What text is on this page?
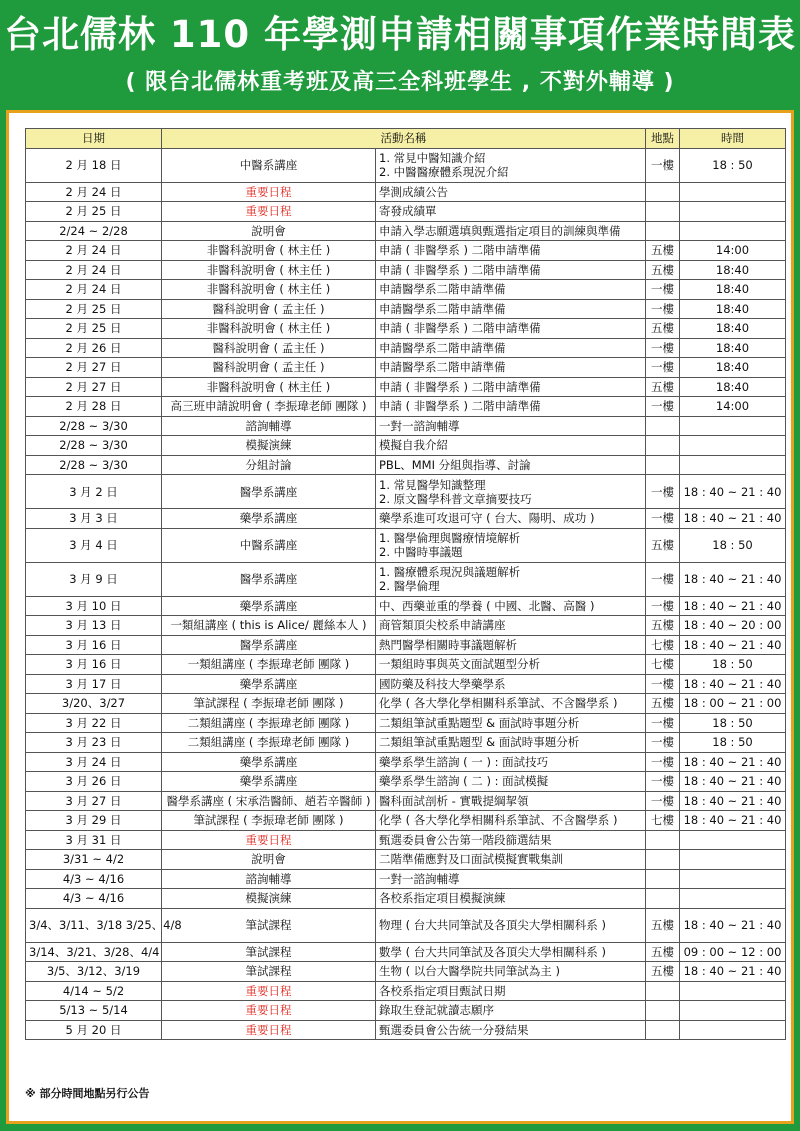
台北儒林 110 年學測申請相關事項作業時間表
( 限台北儒林重考班及高三全科班學生 , 不對外輔導 )
日期	活動名稱		地點	時間
2 月 18 日	中醫系講座	1. 常見中醫知識介紹
2. 中醫醫療體系現況介紹	一樓	18 : 50
2 月 24 日	重要日程	學測成績公告		

2 月 25 日	重要日程	寄發成績單		

2/24 ~ 2/28	說明會	申請入學志願選填與甄選指定項目的訓練與準備		

2 月 24 日	非醫科說明會 ( 林主任 )	申請 ( 非醫學系 ) 二階申請準備	五樓	14:00
2 月 24 日	非醫科說明會 ( 林主任 )	申請 ( 非醫學系 ) 二階申請準備	五樓	18:40
2 月 24 日	非醫科說明會 ( 林主任 )	申請醫學系二階申請準備	一樓	18:40
2 月 25 日	醫科說明會 ( 孟主任 )	申請醫學系二階申請準備	一樓	18:40
2 月 25 日	非醫科說明會 ( 林主任 )	申請 ( 非醫學系 ) 二階申請準備	五樓	18:40
2 月 26 日	醫科說明會 ( 孟主任 )	申請醫學系二階申請準備	一樓	18:40
2 月 27 日	醫科說明會 ( 孟主任 )	申請醫學系二階申請準備	一樓	18:40
2 月 27 日	非醫科說明會 ( 林主任 )	申請 ( 非醫學系 ) 二階申請準備	五樓	18:40
2 月 28 日	高三班申請說明會 ( 李振瑋老師 團隊 )	申請 ( 非醫學系 ) 二階申請準備	一樓	14:00
2/28 ~ 3/30	諮詢輔導	一對一諮詢輔導		

2/28 ~ 3/30	模擬演練	模擬自我介紹		

2/28 ~ 3/30	分組討論	PBL、MMI 分組與指導、討論		

3 月 2 日	醫學系講座	1. 常見醫學知識整理
2. 原文醫學科普文章摘要技巧	一樓	18 : 40 ~ 21 : 40
3 月 3 日	藥學系講座	藥學系進可攻退可守 ( 台大、陽明、成功 )	一樓	18 : 40 ~ 21 : 40
3 月 4 日	中醫系講座	1. 醫學倫理與醫療情境解析
2. 中醫時事議題	五樓	18 : 50
3 月 9 日	醫學系講座	1. 醫療體系現況與議題解析
2. 醫學倫理	一樓	18 : 40 ~ 21 : 40
3 月 10 日	藥學系講座	中、西藥並重的學養 ( 中國、北醫、高醫 )	一樓	18 : 40 ~ 21 : 40
3 月 13 日	一類組講座 ( this is Alice/ 麗絲本人 )	商管類頂尖校系申請講座	五樓	18 : 40 ~ 20 : 00
3 月 16 日	醫學系講座	熱門醫學相關時事議題解析	七樓	18 : 40 ~ 21 : 40
3 月 16 日	一類組講座 ( 李振瑋老師 團隊 )	一類組時事與英文面試題型分析	七樓	18 : 50
3 月 17 日	藥學系講座	國防藥及科技大學藥學系	一樓	18 : 40 ~ 21 : 40
3/20、3/27	筆試課程 ( 李振瑋老師 團隊 )	化學 ( 各大學化學相關科系筆試、不含醫學系 )	五樓	18 : 00 ~ 21 : 00
3 月 22 日	二類組講座 ( 李振瑋老師 團隊 )	二類組筆試重點題型 & 面試時事題分析	一樓	18 : 50
3 月 23 日	二類組講座 ( 李振瑋老師 團隊 )	二類組筆試重點題型 & 面試時事題分析	一樓	18 : 50
3 月 24 日	藥學系講座	藥學系學生諮詢 ( 一 ) : 面試技巧	一樓	18 : 40 ~ 21 : 40
3 月 26 日	藥學系講座	藥學系學生諮詢 ( 二 ) : 面試模擬	一樓	18 : 40 ~ 21 : 40
3 月 27 日	醫學系講座 ( 宋承浩醫師、趙若辛醫師 )	醫科面試剖析 - 實戰提綱挈領	一樓	18 : 40 ~ 21 : 40
3 月 29 日	筆試課程 ( 李振瑋老師 團隊 )	化學 ( 各大學化學相關科系筆試、不含醫學系 )	七樓	18 : 40 ~ 21 : 40
3 月 31 日	重要日程	甄選委員會公告第一階段篩選結果		

3/31 ~ 4/2	說明會	二階準備應對及口面試模擬實戰集訓		

4/3 ~ 4/16	諮詢輔導	一對一諮詢輔導		

4/3 ~ 4/16	模擬演練	各校系指定項目模擬演練		

3/4、3/11、3/18 3/25、4/8	筆試課程	物理 ( 台大共同筆試及各頂尖大學相關科系 )	五樓	18 : 40 ~ 21 : 40
3/14、3/21、3/28、4/4	筆試課程	數學 ( 台大共同筆試及各頂尖大學相關科系 )	五樓	09 : 00 ~ 12 : 00
3/5、3/12、3/19	筆試課程	生物 ( 以台大醫學院共同筆試為主 )	五樓	18 : 40 ~ 21 : 40
4/14 ~ 5/2	重要日程	各校系指定項目甄試日期		

5/13 ~ 5/14	重要日程	錄取生登記就讀志願序		

5 月 20 日	重要日程	甄選委員會公告統一分發結果		

※ 部分時間地點另行公告
